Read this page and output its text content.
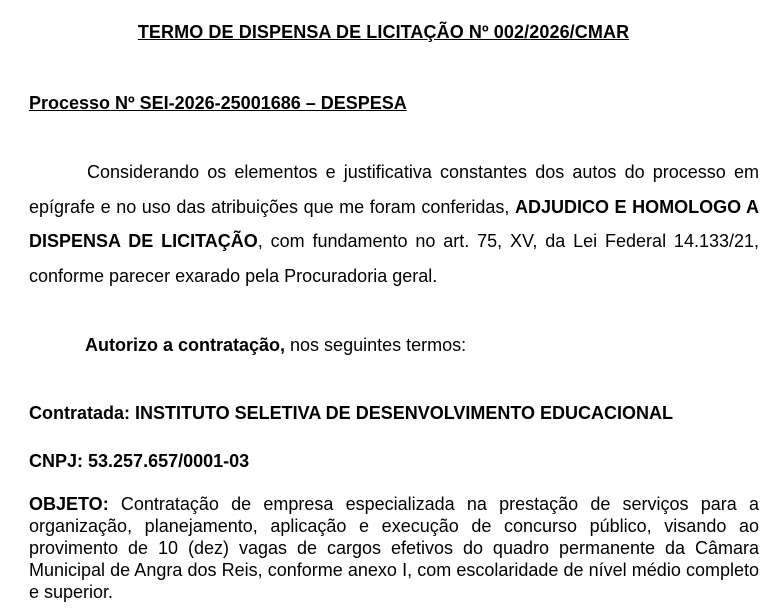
TERMO DE DISPENSA DE LICITAÇÃO Nº 002/2026/CMAR

Processo Nº SEI-2026-25001686 – DESPESA

Considerando os elementos e justificativa constantes dos autos do processo em epígrafe e no uso das atribuições que me foram conferidas, ADJUDICO E HOMOLOGO A DISPENSA DE LICITAÇÃO, com fundamento no art. 75, XV, da Lei Federal 14.133/21, conforme parecer exarado pela Procuradoria geral.

Autorizo a contratação, nos seguintes termos:

Contratada: INSTITUTO SELETIVA DE DESENVOLVIMENTO EDUCACIONAL

CNPJ: 53.257.657/0001-03

OBJETO: Contratação de empresa especializada na prestação de serviços para a organização, planejamento, aplicação e execução de concurso público, visando ao provimento de 10 (dez) vagas de cargos efetivos do quadro permanente da Câmara Municipal de Angra dos Reis, conforme anexo I, com escolaridade de nível médio completo e superior.
